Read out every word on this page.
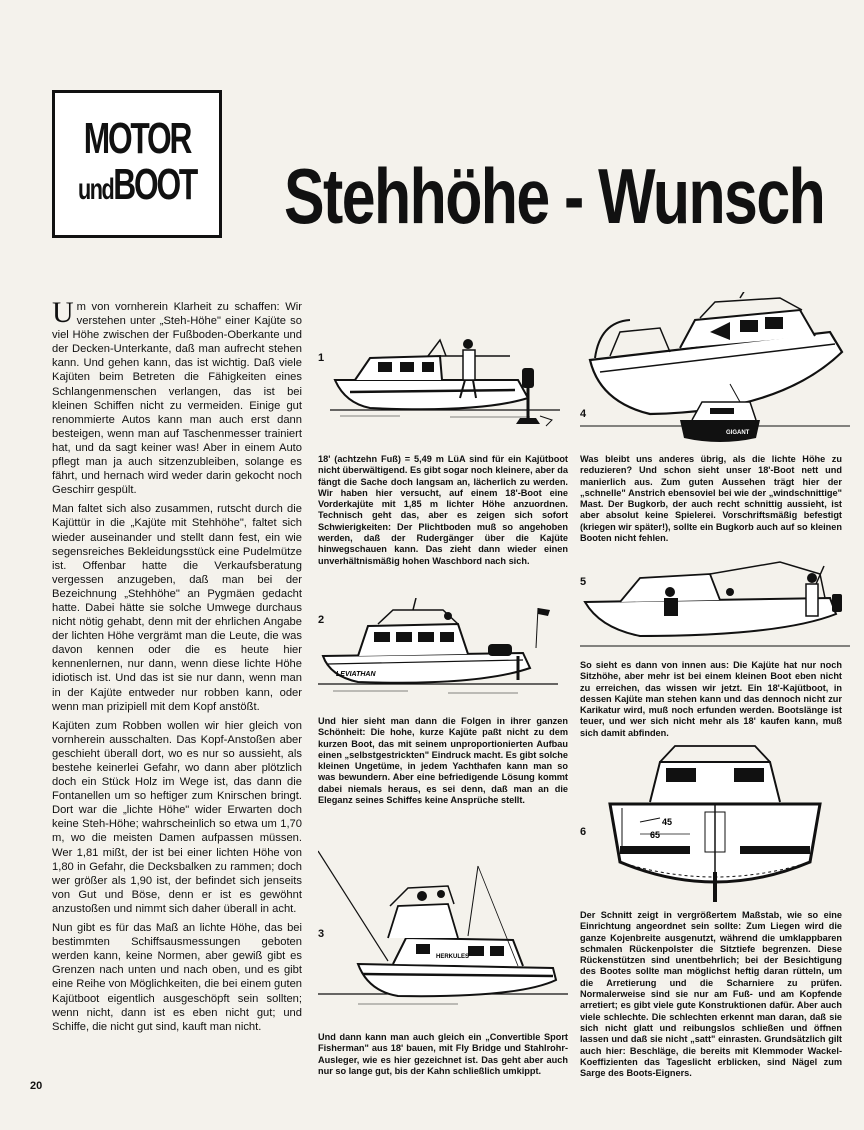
MOTOR
undBOOT Stehhöhe - Wunsch

Um von vornherein Klarheit zu schaffen: Wir verstehen unter „Steh-Höhe" einer Kajüte so viel Höhe zwischen der Fußboden-Oberkante und der Decken-Unterkante, daß man aufrecht stehen kann. Und gehen kann, das ist wichtig. Daß viele Kajüten beim Betreten die Fähigkeiten eines Schlangenmenschen verlangen, das ist bei kleinen Schiffen nicht zu vermeiden. Einige gut renommierte Autos kann man auch erst dann besteigen, wenn man auf Taschenmesser trainiert hat, und da sagt keiner was! Aber in einem Auto pflegt man ja auch sitzenzubleiben, solange es fährt, und hernach wird weder darin gekocht noch Geschirr gespült.

Man faltet sich also zusammen, rutscht durch die Kajüttür in die „Kajüte mit Stehhöhe", faltet sich wieder auseinander und stellt dann fest, ein wie segensreiches Bekleidungsstück eine Pudelmütze ist. Offenbar hatte die Verkaufsberatung vergessen anzugeben, daß man bei der Bezeichnung „Stehhöhe" an Pygmäen gedacht hatte. Dabei hätte sie solche Umwege durchaus nicht nötig gehabt, denn mit der ehrlichen Angabe der lichten Höhe vergrämt man die Leute, die was davon kennen oder die es heute hier kennenlernen, nur dann, wenn diese lichte Höhe idiotisch ist. Und das ist sie nur dann, wenn man in der Kajüte entweder nur robben kann, oder wenn man prizipiell mit dem Kopf anstößt.

Kajüten zum Robben wollen wir hier gleich von vornherein ausschalten. Das Kopf-Anstoßen aber geschieht überall dort, wo es nur so aussieht, als bestehe keinerlei Gefahr, wo dann aber plötzlich doch ein Stück Holz im Wege ist, das dann die Fontanellen um so heftiger zum Knirschen bringt. Dort war die „lichte Höhe" wider Erwarten doch keine Steh-Höhe; wahrscheinlich so etwa um 1,70 m, wo die meisten Damen aufpassen müssen. Wer 1,81 mißt, der ist bei einer lichten Höhe von 1,80 in Gefahr, die Decksbalken zu rammen; doch wer größer als 1,90 ist, der befindet sich jenseits von Gut und Böse, denn er ist es gewöhnt anzustoßen und nimmt sich daher überall in acht.

Nun gibt es für das Maß an lichte Höhe, das bei bestimmten Schiffsausmessungen geboten werden kann, keine Normen, aber gewiß gibt es Grenzen nach unten und nach oben, und es gibt eine Reihe von Möglichkeiten, die bei einem guten Kajütboot eigentlich ausgeschöpft sein sollten; wenn nicht, dann ist es eben nicht gut; und Schiffe, die nicht gut sind, kauft man nicht.

1
18' (achtzehn Fuß) = 5,49 m LüA sind für ein Kajütboot nicht überwältigend. Es gibt sogar noch kleinere, aber da fängt die Sache doch langsam an, lächerlich zu werden. Wir haben hier versucht, auf einem 18'-Boot eine Vorderkajüte mit 1,85 m lichter Höhe anzuordnen. Technisch geht das, aber es zeigen sich sofort Schwierigkeiten: Der Plichtboden muß so angehoben werden, daß der Rudergänger über die Kajüte hinwegschauen kann. Das zieht dann wieder einen unverhältnismäßig hohen Waschbord nach sich.
2
LEVIATHAN
Und hier sieht man dann die Folgen in ihrer ganzen Schönheit: Die hohe, kurze Kajüte paßt nicht zu dem kurzen Boot, das mit seinem unproportionierten Aufbau einen „selbstgestrickten" Eindruck macht. Es gibt solche kleinen Ungetüme, in jedem Yachthafen kann man so was bewundern. Aber eine befriedigende Lösung kommt dabei niemals heraus, es sei denn, daß man an die Eleganz seines Schiffes keine Ansprüche stellt.
3
HERKULES
Und dann kann man auch gleich ein „Convertible Sport Fisherman" aus 18' bauen, mit Fly Bridge und Stahlrohr-Ausleger, wie es hier gezeichnet ist. Das geht aber auch nur so lange gut, bis der Kahn schließlich umkippt.
4
GIGANT
Was bleibt uns anderes übrig, als die lichte Höhe zu reduzieren? Und schon sieht unser 18'-Boot nett und manierlich aus. Zum guten Aussehen trägt hier der „schnelle" Anstrich ebensoviel bei wie der „windschnittige" Mast. Der Bugkorb, der auch recht schnittig aussieht, ist aber absolut keine Spielerei. Vorschriftsmäßig befestigt (kriegen wir später!), sollte ein Bugkorb auch auf so kleinen Booten nicht fehlen.
5
So sieht es dann von innen aus: Die Kajüte hat nur noch Sitzhöhe, aber mehr ist bei einem kleinen Boot eben nicht zu erreichen, das wissen wir jetzt. Ein 18'-Kajütboot, in dessen Kajüte man stehen kann und das dennoch nicht zur Karikatur wird, muß noch erfunden werden. Bootslänge ist teuer, und wer sich nicht mehr als 18' kaufen kann, muß sich damit abfinden.
6
45
65
Der Schnitt zeigt in vergrößertem Maßstab, wie so eine Einrichtung angeordnet sein sollte: Zum Liegen wird die ganze Kojenbreite ausgenutzt, während die umklappbaren schmalen Rückenpolster die Sitztiefe begrenzen. Diese Rückenstützen sind unentbehrlich; bei der Besichtigung des Bootes sollte man möglichst heftig daran rütteln, um die Arretierung und die Scharniere zu prüfen. Normalerweise sind sie nur am Fuß- und am Kopfende arretiert; es gibt viele gute Konstruktionen dafür. Aber auch viele schlechte. Die schlechten erkennt man daran, daß sie sich nicht glatt und reibungslos schließen und öffnen lassen und daß sie nicht „satt" einrasten. Grundsätzlich gilt auch hier: Beschläge, die bereits mit Klemmoder Wackel-Koeffizienten das Tageslicht erblicken, sind Nägel zum Sarge des Boots-Eigners.
20
